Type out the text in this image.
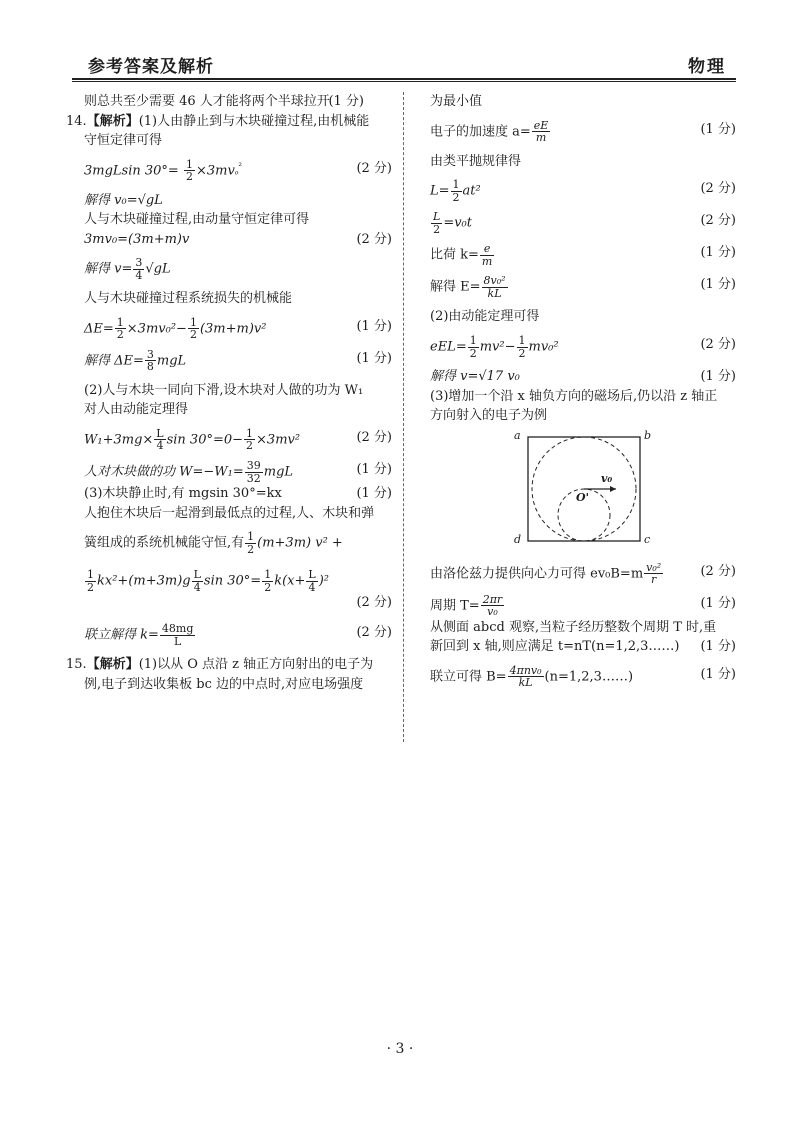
参考答案及解析	物理
则总共至少需要 46 人才能将两个半球拉开
(1 分)
14.【解析】(1)人由静止到与木块碰撞过程,由机械能
守恒定律可得
3mgLsin $30^\circ= \frac{1}{2} \times 3mv_0^{^2}$	(2 分)
解得 v₀=√gL
人与木块碰撞过程,由动量守恒定律可得
3mv₀=(3m+m)v	(2 分)
解得 $v= \frac{3}{4} √gL$
人与木块碰撞过程系统损失的机械能
$\Delta E= \frac{1}{2} \times 3mv_0^2- \frac{1}{2} (3m+m)v^2$	(1 分)
解得 $\Delta E= \frac{3}{8}$ mgL	(1 分)
(2)人与木块一同向下滑,设木块对人做的功为 W₁
对人由动能定理得
$W_1+3mg\times \frac{L}{4}$ $\sin 30^\circ=0- \frac{1}{2} \times 3mv^2$	(2 分)
人对木块做的功 $W=-W_1= \frac{39}{32}$ mgL	(1 分)
(3)木块静止时,有 mgsin 30°=kx	(1 分)
人抱住木块后一起滑到最低点的过程,人、木块和弹
簧组成的系统机械能守恒,有 $\frac{1}{2} (m+3m) v^2$ +
$\frac{1}{2} kx^2+(m+3m)g \frac{L}{4}$ $\sin 30^\circ= \frac{1}{2} k(x+ \frac{L}{4} )^2$
(2 分)
联立解得 $k= \frac{48mg}{L}$	(2 分)
15.【解析】(1)以从 O 点沿 z 轴正方向射出的电子为
例,电子到达收集板 bc 边的中点时,对应电场强度
为最小值
电子的加速度 $a= \frac{eE}{m}$	(1 分)
由类平抛规律得
$L= \frac{1}{2} at^2$	(2 分)
$\frac{L}{2} =v_0t$	(2 分)
比荷 $k= \frac{e}{m}$	(1 分)
解得 $E= \frac{\text{8v₀²}}{kL}$	(1 分)
(2)由动能定理可得
$eEL= \frac{1}{2} mv^2- \frac{1}{2} mv_0^2$	(2 分)
解得 v=√17 v₀	(1 分)
(3)增加一个沿 x 轴负方向的磁场后,仍以沿 z 轴正
方向射入的电子为例
a	b
c
d
v₀
O'
由洛伦兹力提供向心力可得 $ev_0B=m \frac{\text{v₀²}}{r}$	(2 分)
周期 $T= \frac{2\pi r}{\text{v₀}}$	(1 分)
从侧面 abcd 观察,当粒子经历整数个周期 T 时,重
新回到 x 轴,则应满足 t=nT(n=1,2,3……) (1 分)
联立可得 $B= \frac{\text{4πnv₀}}{kL}$ (n=1,2,3……)	(1 分)
· 3 ·
